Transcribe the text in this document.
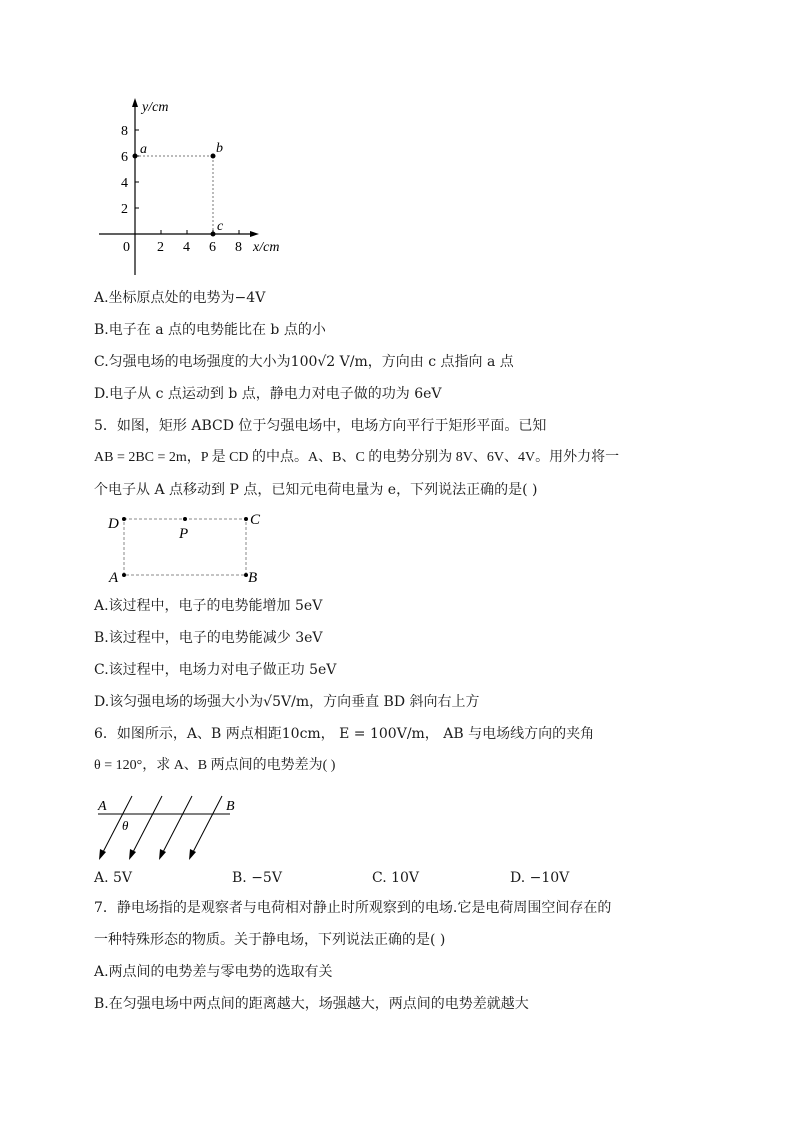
y/cm
x/cm
0
8
6
4
2
2 4 6 8
a	b
c
A.坐标原点处的电势为−4V
B.电子在 a 点的电势能比在 b 点的小
C.匀强电场的电场强度的大小为100√2 V/m，方向由 c 点指向 a 点
D.电子从 c 点运动到 b 点，静电力对电子做的功为 6eV
5．如图，矩形 ABCD 位于匀强电场中，电场方向平行于矩形平面。已知
AB = 2BC = 2m，P 是 CD 的中点。A、B、C 的电势分别为 8V、6V、4V。用外力将一
个电子从 A 点移动到 P 点，已知元电荷电量为 e，下列说法正确的是( )
D	C
P
A	B
A.该过程中，电子的电势能增加 5eV
B.该过程中，电子的电势能减少 3eV
C.该过程中，电场力对电子做正功 5eV
D.该匀强电场的场强大小为√5V/m，方向垂直 BD 斜向右上方
6．如图所示，A、B 两点相距10cm， E = 100V/m， AB 与电场线方向的夹角
θ = 120°，求 A、B 两点间的电势差为( )
A	B
θ
A. 5V	B. −5V	C. 10V	D. −10V
7．静电场指的是观察者与电荷相对静止时所观察到的电场.它是电荷周围空间存在的
一种特殊形态的物质。关于静电场，下列说法正确的是( )
A.两点间的电势差与零电势的选取有关
B.在匀强电场中两点间的距离越大，场强越大，两点间的电势差就越大
